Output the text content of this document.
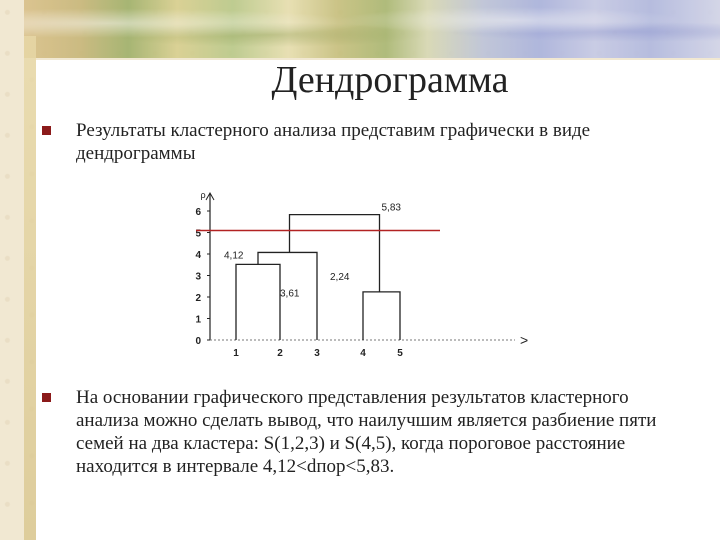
Дендрограмма
Результаты кластерного анализа представим графически в виде дендрограммы
ρ
>
0
1
2
3
4
5
6
1	2	3	4	5
4,12
3,61
2,24
5,83
На основании графического представления результатов кластерного анализа можно сделать вывод, что наилучшим является разбиение пяти семей на два кластера: S(1,2,3) и S(4,5), когда пороговое расстояние находится в интервале 4,12<dпор<5,83.
